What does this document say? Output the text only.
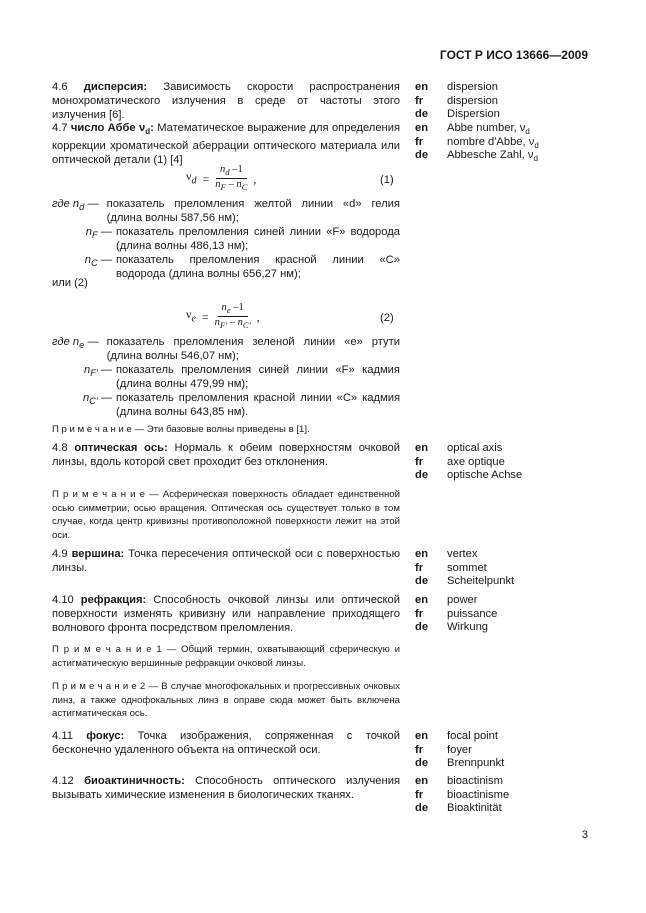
ГОСТ Р ИСО 13666—2009
4.6 дисперсия: Зависимость скорости распространения монохроматического излучения в среде от частоты этого излучения [6].
en	dispersion
fr	dispersion
de	Dispersion
4.7 число Аббе $\nu_d$: Математическое выражение для определения коррекции хроматической аберрации оптического материала или оптической детали (1) [4]
en	Abbe number, $\nu_d$
fr	nombre d'Abbe, $\nu_d$
de	Abbesche Zahl, $\nu_d$
$\nu_d = \frac{n_d -1}{n_F - n_C}$ ,	(1)
где $n_d$ — показатель преломления желтой линии «d» гелия (длина волны 587,56 нм);
$n_F$ — показатель преломления синей линии «F» водорода (длина волны 486,13 нм);
$n_C$ — показатель преломления красной линии «C» водорода (длина волны 656,27 нм);
или (2)
$\nu_e = \frac{n_e -1}{n_{F'} - n_{C'}}$ ,	(2)
где $n_e$ — показатель преломления зеленой линии «e» ртути (длина волны 546,07 нм);
$n_{F'}$ — показатель преломления синей линии «F» кадмия (длина волны 479,99 нм);
$n_{C'}$ — показатель преломления красной линии «C» кадмия (длина волны 643,85 нм).
П р и м е ч а н и е — Эти базовые волны приведены в [1].
4.8 оптическая ось: Нормаль к обеим поверхностям очковой линзы, вдоль которой свет проходит без отклонения.
en	optical axis
fr	axe optique
de	optische Achse
П р и м е ч а н и е — Асферическая поверхность обладает единственной осью симметрии, осью вращения. Оптическая ось существует только в том случае, когда центр кривизны противоположной поверхности лежит на этой оси.
4.9 вершина: Точка пересечения оптической оси с поверхностью линзы.
en	vertex
fr	sommet
de	Scheitelpunkt
4.10 рефракция: Способность очковой линзы или оптической поверхности изменять кривизну или направление приходящего волнового фронта посредством преломления.
en	power
fr	puissance
de	Wirkung
П р и м е ч а н и е 1 — Общий термин, охватывающий сферическую и астигматическую вершинные рефракции очковой линзы.
П р и м е ч а н и е 2 — В случае многофокальных и прогрессивных очковых линз, а также однофокальных линз в оправе сюда может быть включена астигматическая ось.
4.11 фокус: Точка изображения, сопряженная с точкой бесконечно удаленного объекта на оптической оси.
en	focal point
fr	foyer
de	Brennpunkt
4.12 биоактиничность: Способность оптического излучения вызывать химические изменения в биологических тканях.
en	bioactinism
fr	bioactinisme
de	Bioaktinität
3
